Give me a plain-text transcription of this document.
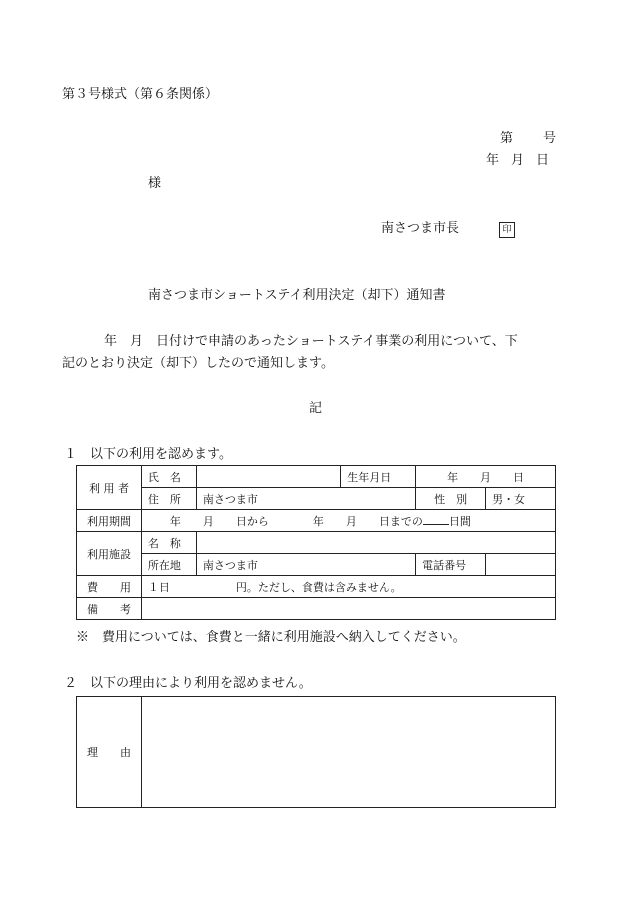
第３号様式（第６条関係）
第 号
年 月 日
様
南さつま市長	印
南さつま市ショートステイ利用決定（却下）通知書
年　月　日付けで申請のあったショートステイ事業の利用について、下
記のとおり決定（却下）したので通知します。
記
１　以下の利用を認めます。
利 用 者	氏　名		生年月日	年　　月　　日	
	住　所	南さつま市		性　別	男・女
利用期間	年　　月　　日から　　　　年　　月　　日までの 日間				
利用施設	名　称				
	所在地	南さつま市		電話番号	
費　　用	１日　　　　　　円。ただし、食費は含みません。				
備　　考					
※　費用については、食費と一緒に利用施設へ納入してください。
２　以下の理由により利用を認めません。
理　　由	
